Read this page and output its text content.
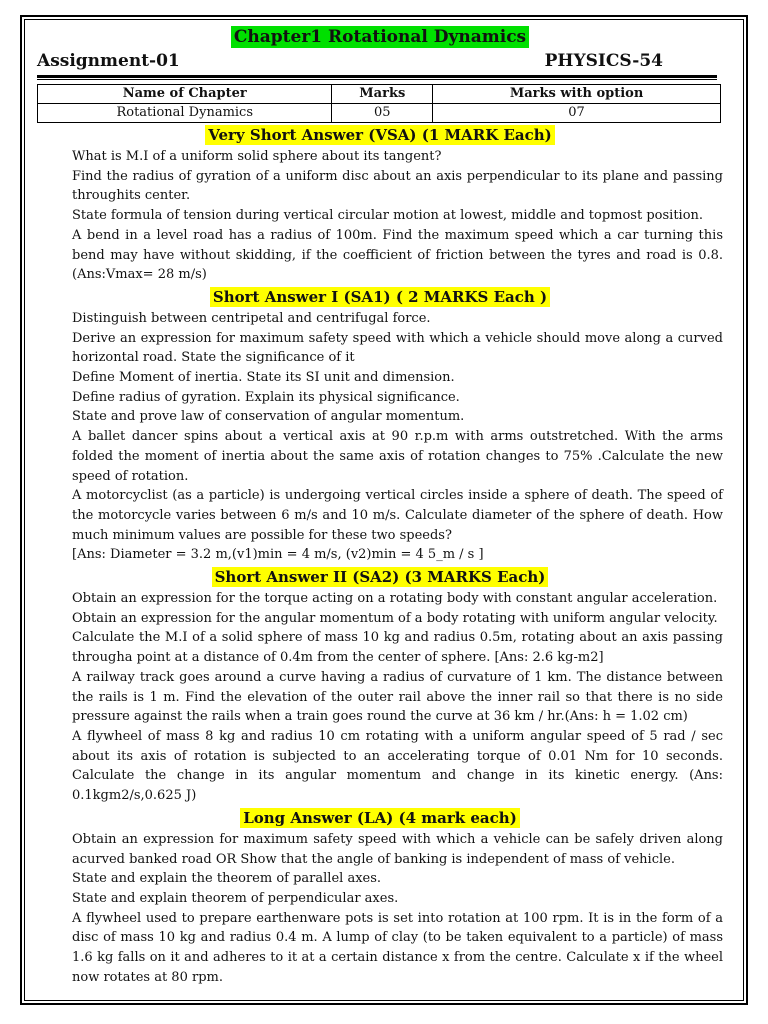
Chapter1 Rotational Dynamics
Assignment-01	PHYSICS-54
Name of Chapter	Marks	Marks with option
Rotational Dynamics	05	07
Very Short Answer (VSA) (1 MARK Each)

What is M.I of a uniform solid sphere about its tangent?

Find the radius of gyration of a uniform disc about an axis perpendicular to its plane and passing throughits center.

State formula of tension during vertical circular motion at lowest, middle and topmost position.

A bend in a level road has a radius of 100m. Find the maximum speed which a car turning this bend may have without skidding, if the coefficient of friction between the tyres and road is 0.8. (Ans:Vmax= 28 m/s)

Short Answer I (SA1) ( 2 MARKS Each )

Distinguish between centripetal and centrifugal force.

Derive an expression for maximum safety speed with which a vehicle should move along a curved horizontal road. State the significance of it

Define Moment of inertia. State its SI unit and dimension.

Define radius of gyration. Explain its physical significance.

State and prove law of conservation of angular momentum.

A ballet dancer spins about a vertical axis at 90 r.p.m with arms outstretched. With the arms folded the moment of inertia about the same axis of rotation changes to 75% .Calculate the new speed of rotation.

A motorcyclist (as a particle) is undergoing vertical circles inside a sphere of death. The speed of the motorcycle varies between 6 m/s and 10 m/s. Calculate diameter of the sphere of death. How much minimum values are possible for these two speeds?

[Ans: Diameter = 3.2 m,(v1)min = 4 m/s, (v2)min = 4 5_m / s ]

Short Answer II (SA2) (3 MARKS Each)

Obtain an expression for the torque acting on a rotating body with constant angular acceleration.

Obtain an expression for the angular momentum of a body rotating with uniform angular velocity.

Calculate the M.I of a solid sphere of mass 10 kg and radius 0.5m, rotating about an axis passing througha point at a distance of 0.4m from the center of sphere. [Ans: 2.6 kg-m2]

A railway track goes around a curve having a radius of curvature of 1 km. The distance between the rails is 1 m. Find the elevation of the outer rail above the inner rail so that there is no side pressure against the rails when a train goes round the curve at 36 km / hr.(Ans: h = 1.02 cm)

A flywheel of mass 8 kg and radius 10 cm rotating with a uniform angular speed of 5 rad / sec about its axis of rotation is subjected to an accelerating torque of 0.01 Nm for 10 seconds. Calculate the change in its angular momentum and change in its kinetic energy. (Ans: 0.1kgm2/s,0.625 J)

Long Answer (LA) (4 mark each)

Obtain an expression for maximum safety speed with which a vehicle can be safely driven along acurved banked road OR Show that the angle of banking is independent of mass of vehicle.

State and explain the theorem of parallel axes.

State and explain theorem of perpendicular axes.

A flywheel used to prepare earthenware pots is set into rotation at 100 rpm. It is in the form of a disc of mass 10 kg and radius 0.4 m. A lump of clay (to be taken equivalent to a particle) of mass 1.6 kg falls on it and adheres to it at a certain distance x from the centre. Calculate x if the wheel now rotates at 80 rpm.
